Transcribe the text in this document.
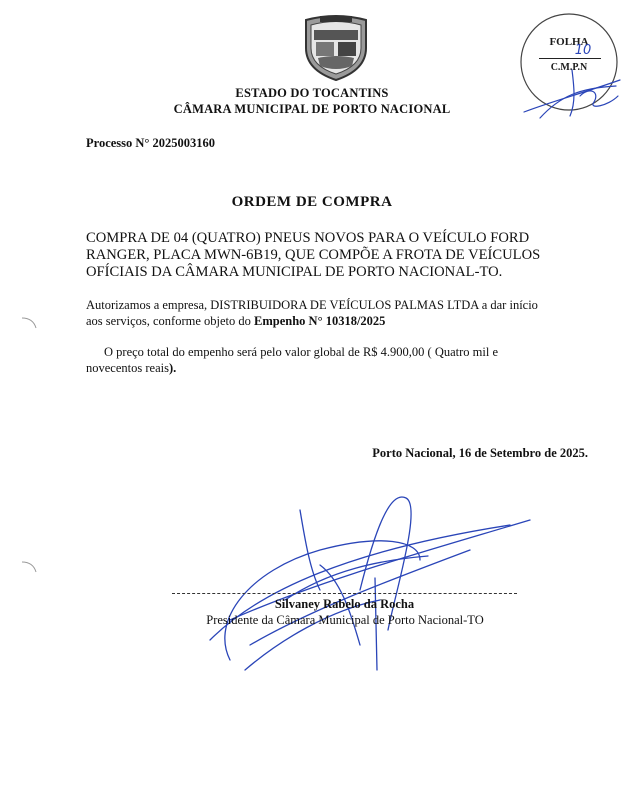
FOLHA
10
C.M.P.N
ESTADO DO TOCANTINS
CÂMARA MUNICIPAL DE PORTO NACIONAL
Processo N° 2025003160
ORDEM DE COMPRA
COMPRA DE 04 (QUATRO) PNEUS NOVOS PARA O VEÍCULO FORD RANGER, PLACA MWN-6B19, QUE COMPÕE A FROTA DE VEÍCULOS OFÍCIAIS DA CÂMARA MUNICIPAL DE PORTO NACIONAL-TO.
Autorizamos a empresa, DISTRIBUIDORA DE VEÍCULOS PALMAS LTDA a dar início aos serviços, conforme objeto do Empenho N° 10318/2025
O preço total do empenho será pelo valor global de R$ 4.900,00 ( Quatro mil e novecentos reais).
Porto Nacional, 16 de Setembro de 2025.
Silvaney Rabelo da Rocha
Presidente da Câmara Municipal de Porto Nacional-TO
